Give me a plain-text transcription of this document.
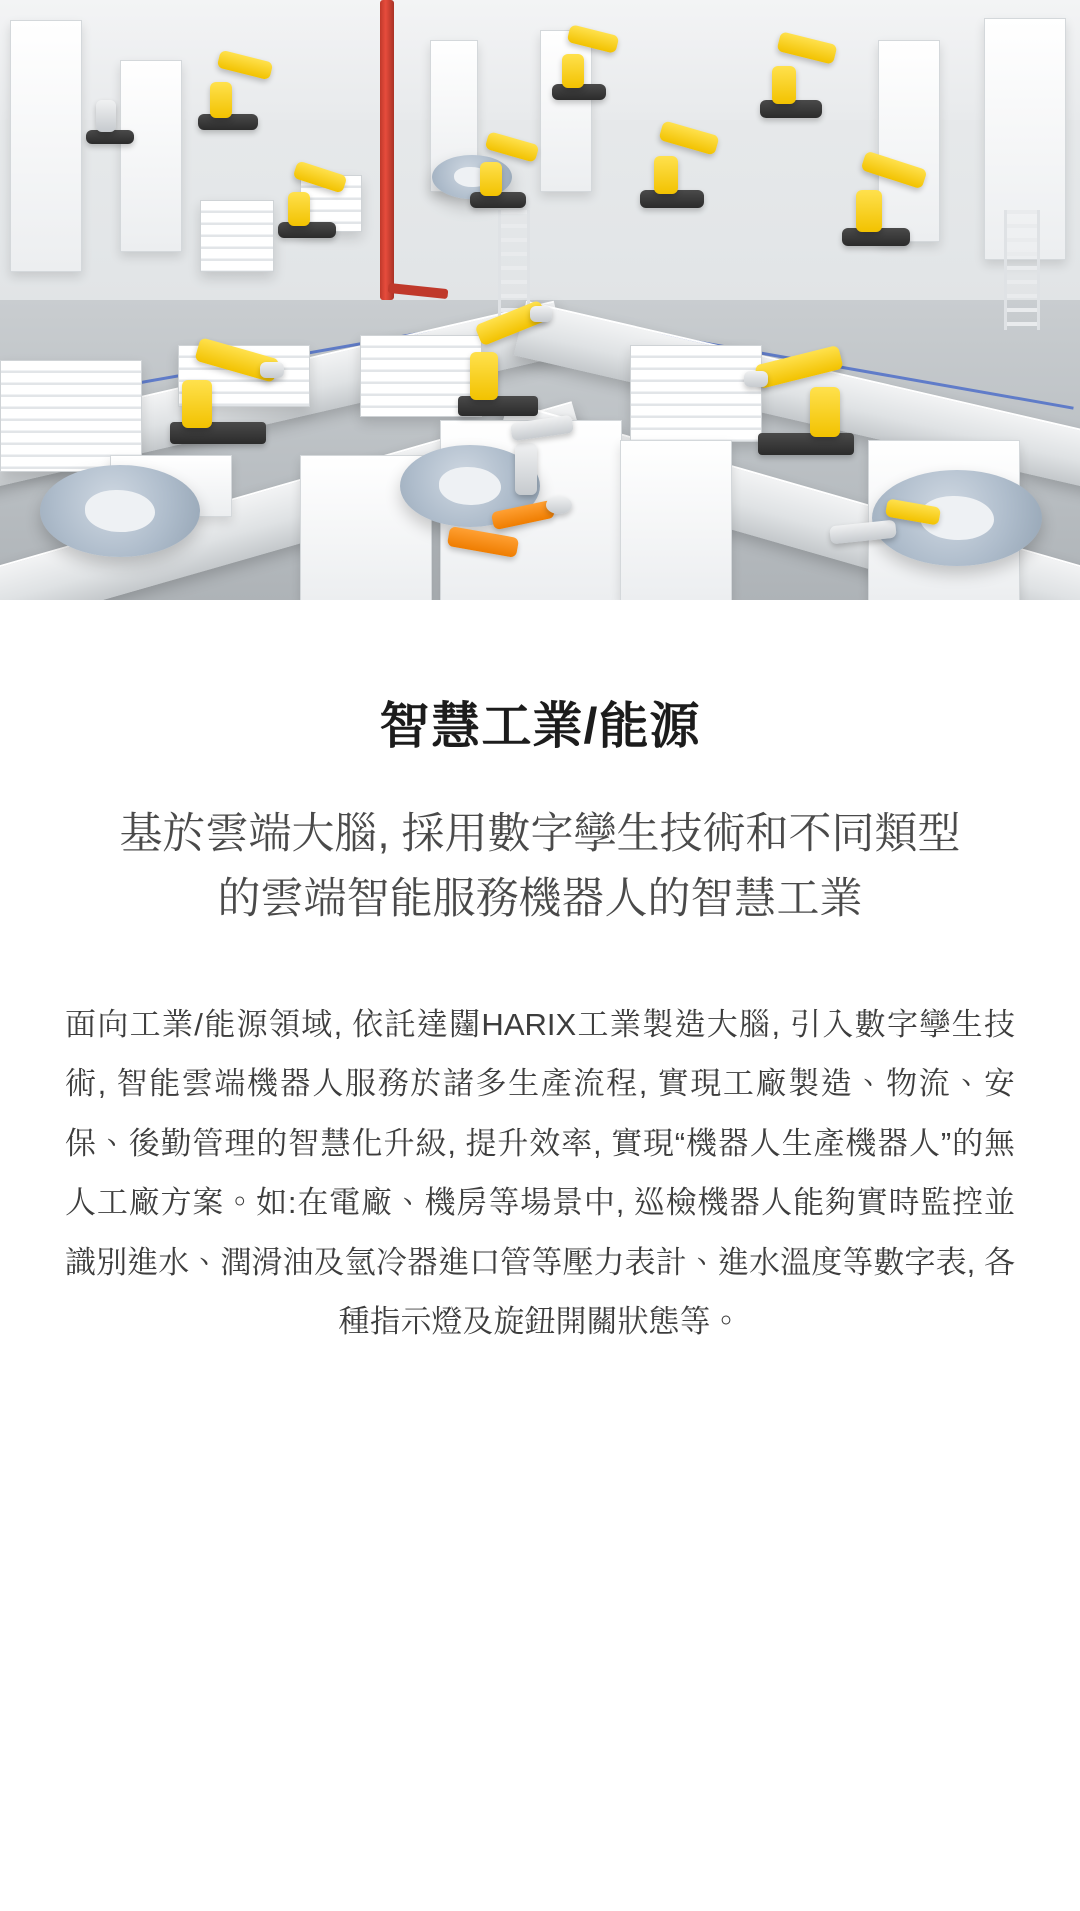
智慧工業/能源
基於雲端大腦, 採用數字孿生技術和不同類型的雲端智能服務機器人的智慧工業

面向工業/能源領域, 依託達闥HARIX工業製造大腦, 引入數字孿生技術, 智能雲端機器人服務於諸多生產流程, 實現工廠製造、物流、安保、後勤管理的智慧化升級, 提升效率, 實現“機器人生產機器人”的無人工廠方案。如:在電廠、機房等場景中, 巡檢機器人能夠實時監控並識別進水、潤滑油及氫冷器進口管等壓力表計、進水溫度等數字表, 各種指示燈及旋鈕開關狀態等。
